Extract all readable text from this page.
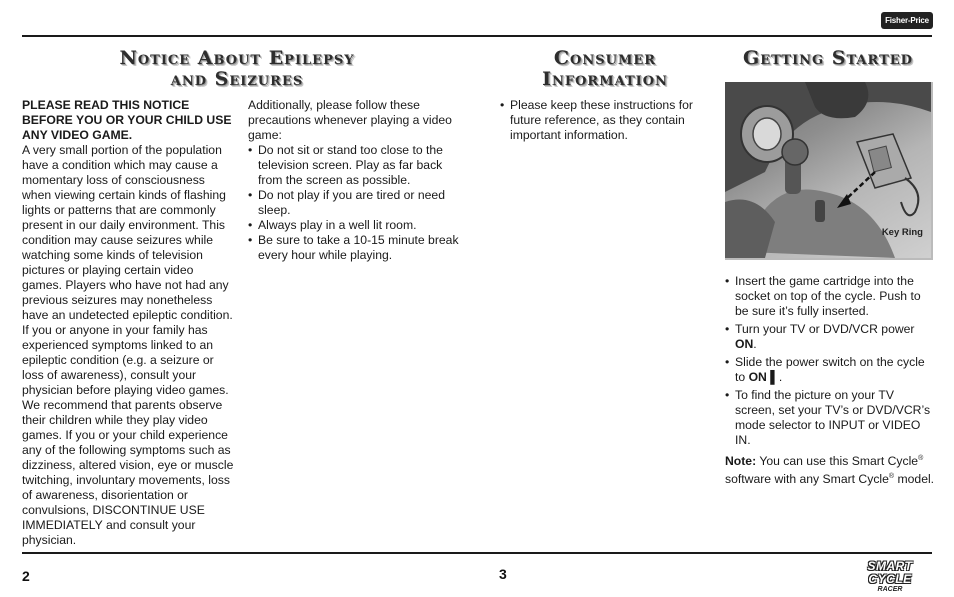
Fisher-Price
Notice About Epilepsy
and Seizures
Consumer
Information
Getting Started

PLEASE READ THIS NOTICE BEFORE YOU OR YOUR CHILD USE ANY VIDEO GAME.

A very small portion of the population have a condition which may cause a momentary loss of consciousness when viewing certain kinds of flashing lights or patterns that are commonly present in our daily environment. This condition may cause seizures while watching some kinds of television pictures or playing certain video games. Players who have not had any previous seizures may nonetheless have an undetected epileptic condition. If you or anyone in your family has experienced symptoms linked to an epileptic condition (e.g. a seizure or loss of awareness), consult your physician before playing video games. We recommend that parents observe their children while they play video games. If you or your child experience any of the following symptoms such as dizziness, altered vision, eye or muscle twitching, involuntary movements, loss of awareness, disorientation or convulsions, DISCONTINUE USE IMMEDIATELY and consult your physician.

Additionally, please follow these precautions whenever playing a video game:

• Do not sit or stand too close to the television screen. Play as far back from the screen as possible.
• Do not play if you are tired or need sleep.
• Always play in a well lit room.
• Be sure to take a 10-15 minute break every hour while playing.
• Please keep these instructions for future reference, as they contain important information.
Key Ring
• Insert the game cartridge into the socket on top of the cycle. Push to be sure it’s fully inserted.
• Turn your TV or DVD/VCR power ON.
• Slide the power switch on the cycle to ON ▌.
• To find the picture on your TV screen, set your TV’s or DVD/VCR’s mode selector to INPUT or VIDEO IN.

Note: You can use this Smart Cycle® software with any Smart Cycle® model.

2	3	SMART CYCLE
RACER
